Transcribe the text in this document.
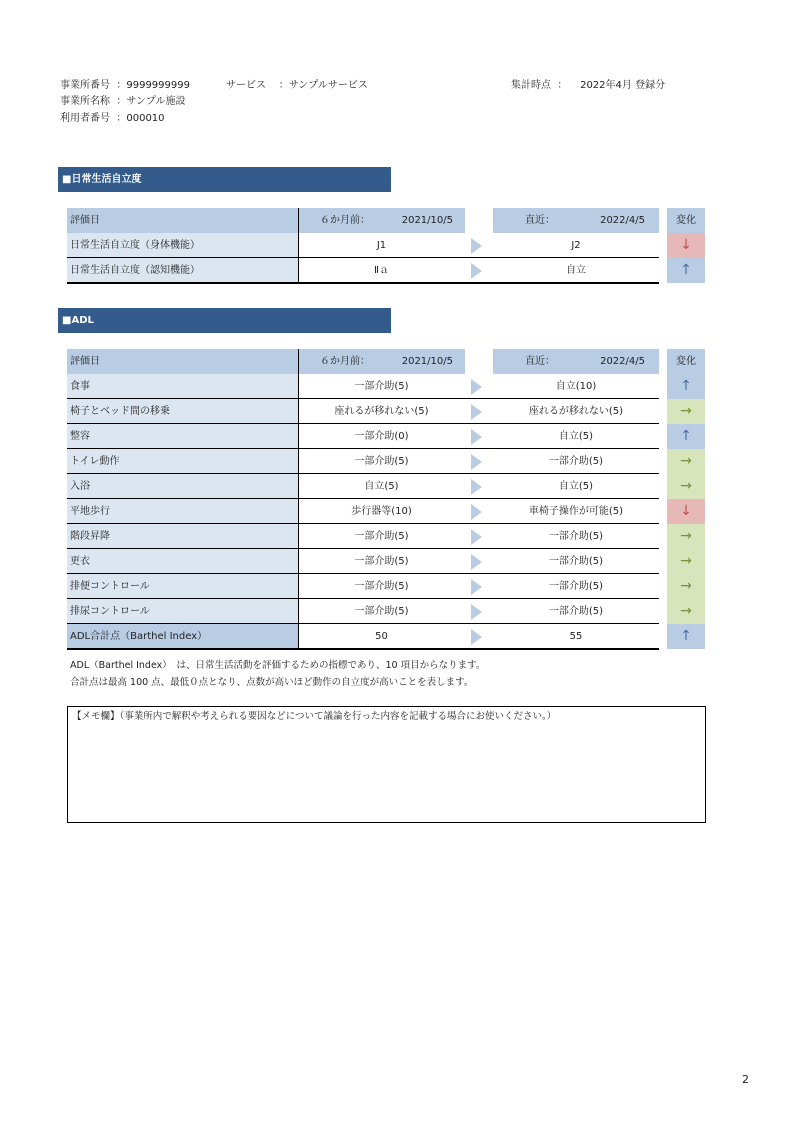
事業所番号  ：9999999999	サービス    ：サンプルサービス	集計時点  ：    2022年4月 登録分
事業所名称  ：サンプル施設
利用者番号  ：000010
■日常生活自立度
評価日	６か月前：	2021/10/5	直近：	2022/4/5	変化
日常生活自立度（身体機能）	J1	J2	↓
日常生活自立度（認知機能）	Ⅱａ	自立	↑
■ADL
評価日	６か月前：	2021/10/5	直近：	2022/4/5	変化
食事	一部介助(5)	自立(10)	↑
椅子とベッド間の移乗	座れるが移れない(5)	座れるが移れない(5)	→
整容	一部介助(0)	自立(5)	↑
トイレ動作	一部介助(5)	一部介助(5)	→
入浴	自立(5)	自立(5)	→
平地歩行	歩行器等(10)	車椅子操作が可能(5)	↓
階段昇降	一部介助(5)	一部介助(5)	→
更衣	一部介助(5)	一部介助(5)	→
排便コントロール	一部介助(5)	一部介助(5)	→
排尿コントロール	一部介助(5)	一部介助(5)	→
ADL合計点（Barthel Index）	50	55	↑
ADL（Barthel Index）　は、日常生活活動を評価するための指標であり、10 項目からなります。
合計点は最高 100 点、最低０点となり、点数が高いほど動作の自立度が高いことを表します。
【メモ欄】（事業所内で解釈や考えられる要因などについて議論を行った内容を記載する場合にお使いください。）
2
